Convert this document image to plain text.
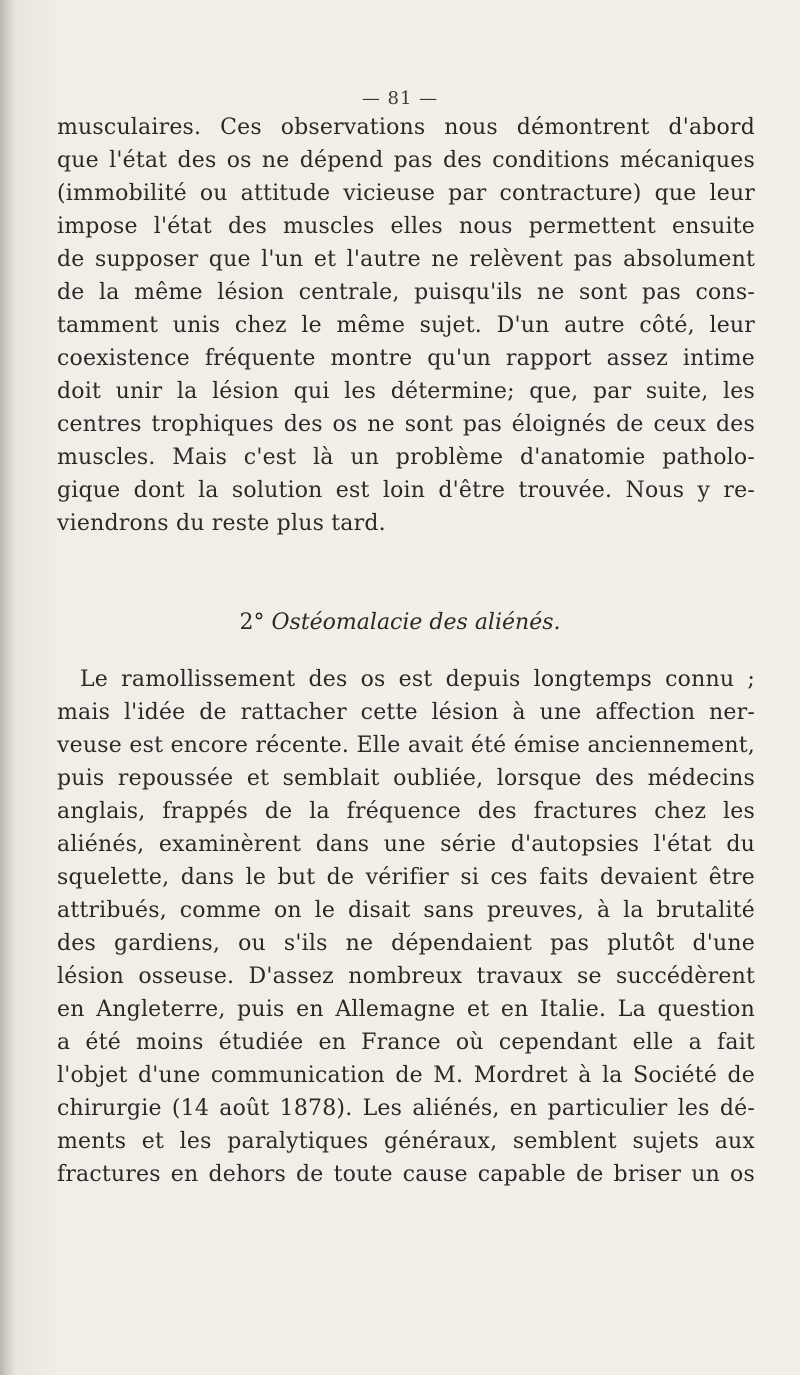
— 81 —
musculaires. Ces observations nous démontrent d'abord
que l'état des os ne dépend pas des conditions mécaniques
(immobilité ou attitude vicieuse par contracture) que leur
impose l'état des muscles elles nous permettent ensuite
de supposer que l'un et l'autre ne relèvent pas absolument
de la même lésion centrale, puisqu'ils ne sont pas cons-
tamment unis chez le même sujet. D'un autre côté, leur
coexistence fréquente montre qu'un rapport assez intime
doit unir la lésion qui les détermine; que, par suite, les
centres trophiques des os ne sont pas éloignés de ceux des
muscles. Mais c'est là un problème d'anatomie patholo-
gique dont la solution est loin d'être trouvée. Nous y re-
viendrons du reste plus tard.
2° Ostéomalacie des aliénés.
Le ramollissement des os est depuis longtemps connu ;
mais l'idée de rattacher cette lésion à une affection ner-
veuse est encore récente. Elle avait été émise anciennement,
puis repoussée et semblait oubliée, lorsque des médecins
anglais, frappés de la fréquence des fractures chez les
aliénés, examinèrent dans une série d'autopsies l'état du
squelette, dans le but de vérifier si ces faits devaient être
attribués, comme on le disait sans preuves, à la brutalité
des gardiens, ou s'ils ne dépendaient pas plutôt d'une
lésion osseuse. D'assez nombreux travaux se succédèrent
en Angleterre, puis en Allemagne et en Italie. La question
a été moins étudiée en France où cependant elle a fait
l'objet d'une communication de M. Mordret à la Société de
chirurgie (14 août 1878). Les aliénés, en particulier les dé-
ments et les paralytiques généraux, semblent sujets aux
fractures en dehors de toute cause capable de briser un os
